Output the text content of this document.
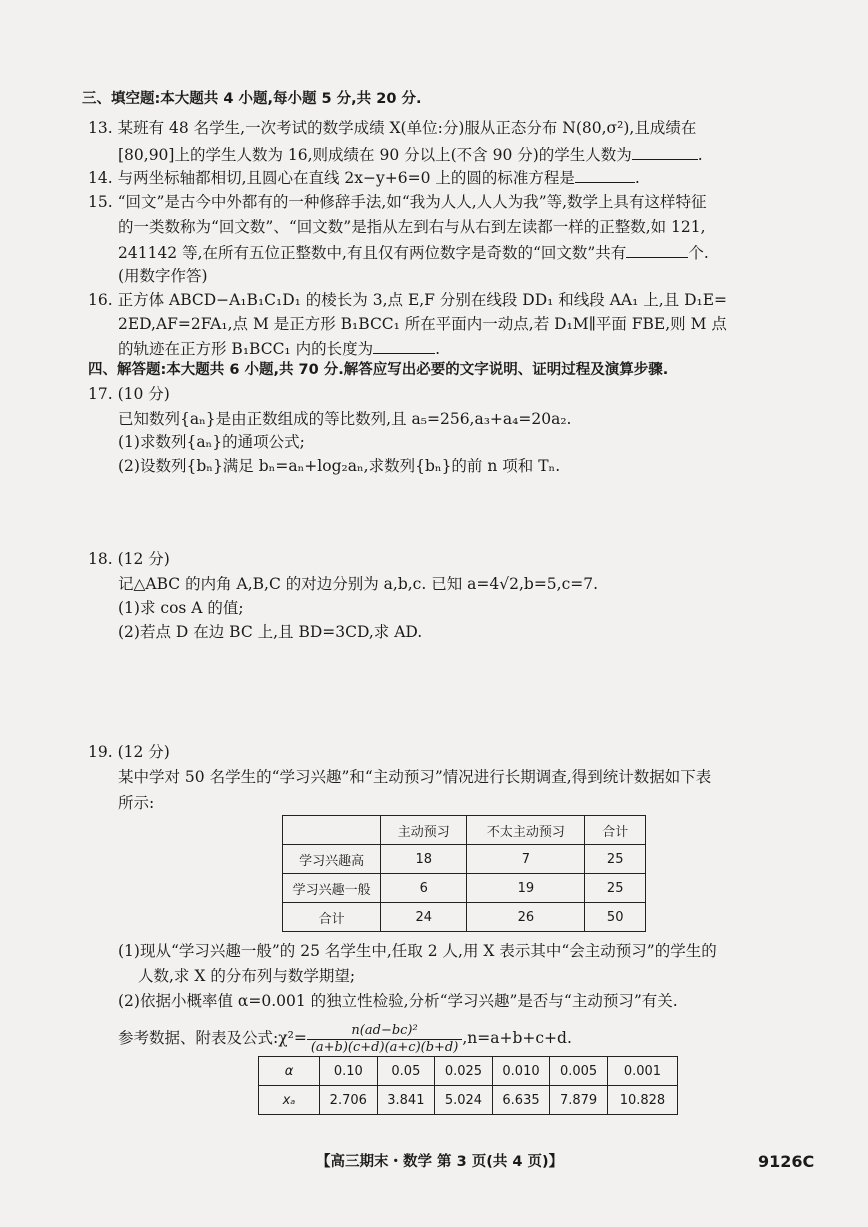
三、填空题:本大题共 4 小题,每小题 5 分,共 20 分.
13. 某班有 48 名学生,一次考试的数学成绩 X(单位:分)服从正态分布 N(80,σ²),且成绩在
[80,90]上的学生人数为 16,则成绩在 90 分以上(不含 90 分)的学生人数为	.
14. 与两坐标轴都相切,且圆心在直线 2x−y+6=0 上的圆的标准方程是	.
15. “回文”是古今中外都有的一种修辞手法,如“我为人人,人人为我”等,数学上具有这样特征
的一类数称为“回文数”、“回文数”是指从左到右与从右到左读都一样的正整数,如 121,
241142 等,在所有五位正整数中,有且仅有两位数字是奇数的“回文数”共有	个.
(用数字作答)
16. 正方体 ABCD−A₁B₁C₁D₁ 的棱长为 3,点 E,F 分别在线段 DD₁ 和线段 AA₁ 上,且 D₁E=
2ED,AF=2FA₁,点 M 是正方形 B₁BCC₁ 所在平面内一动点,若 D₁M∥平面 FBE,则 M 点
的轨迹在正方形 B₁BCC₁ 内的长度为	.
四、解答题:本大题共 6 小题,共 70 分.解答应写出必要的文字说明、证明过程及演算步骤.
17. (10 分)
已知数列{aₙ}是由正数组成的等比数列,且 a₅=256,a₃+a₄=20a₂.
(1)求数列{aₙ}的通项公式;
(2)设数列{bₙ}满足 bₙ=aₙ+log₂aₙ,求数列{bₙ}的前 n 项和 Tₙ.
18. (12 分)
记△ABC 的内角 A,B,C 的对边分别为 a,b,c. 已知 a=4√2,b=5,c=7.
(1)求 cos A 的值;
(2)若点 D 在边 BC 上,且 BD=3CD,求 AD.
19. (12 分)
某中学对 50 名学生的“学习兴趣”和“主动预习”情况进行长期调查,得到统计数据如下表
所示:
	主动预习	不太主动预习	合计
学习兴趣高	18	7	25
学习兴趣一般	6	19	25
合计	24	26	50
(1)现从“学习兴趣一般”的 25 名学生中,任取 2 人,用 X 表示其中“会主动预习”的学生的
人数,求 X 的分布列与数学期望;
(2)依据小概率值 α=0.001 的独立性检验,分析“学习兴趣”是否与“主动预习”有关.
参考数据、附表及公式:χ²= $\frac{\text{n(ad−bc)²}}{(a+b)(c+d)(a+c)(b+d)} ,n=a+b+c+d$.
α	0.10	0.05	0.025	0.010	0.005	0.001
xₐ	2.706	3.841	5.024	6.635	7.879	10.828
【高三期末・数学 第 3 页(共 4 页)】	9126C
